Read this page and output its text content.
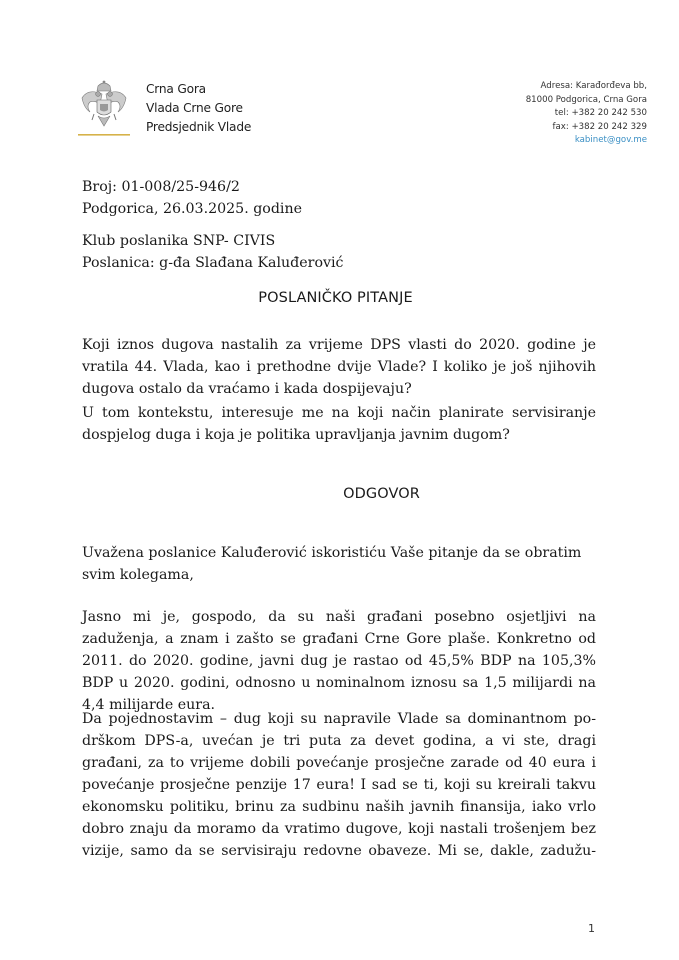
Crna Gora
Vlada Crne Gore
Predsjednik Vlade
Adresa: Karađorđeva bb,
81000 Podgorica, Crna Gora
tel: +382 20 242 530
fax: +382 20 242 329
kabinet@gov.me
Broj: 01-008/25-946/2
Podgorica, 26.03.2025. godine
Klub poslanika SNP- CIVIS
Poslanica: g-đa Slađana Kaluđerović
POSLANIČKO PITANJE
Koji iznos dugova nastalih za vrijeme DPS vlasti do 2020. godine je
vratila 44. Vlada, kao i prethodne dvije Vlade? I koliko je još njihovih
dugova ostalo da vraćamo i kada dospijevaju?
U tom kontekstu, interesuje me na koji način planirate servisiranje
dospjelog duga i koja je politika upravljanja javnim dugom?
ODGOVOR
Uvažena poslanice Kaluđerović iskoristiću Vaše pitanje da se obratim
svim kolegama,
Jasno mi je, gospodo, da su naši građani posebno osjetljivi na
zaduženja, a znam i zašto se građani Crne Gore plaše. Konkretno od
2011. do 2020. godine, javni dug je rastao od 45,5% BDP na 105,3%
BDP u 2020. godini, odnosno u nominalnom iznosu sa 1,5 milijardi na
4,4 milijarde eura.
Da pojednostavim – dug koji su napravile Vlade sa dominantnom po-
drškom DPS-a, uvećan je tri puta za devet godina, a vi ste, dragi
građani, za to vrijeme dobili povećanje prosječne zarade od 40 eura i
povećanje prosječne penzije 17 eura! I sad se ti, koji su kreirali takvu
ekonomsku politiku, brinu za sudbinu naših javnih finansija, iako vrlo
dobro znaju da moramo da vratimo dugove, koji nastali trošenjem bez
vizije, samo da se servisiraju redovne obaveze. Mi se, dakle, zadužu-
1
